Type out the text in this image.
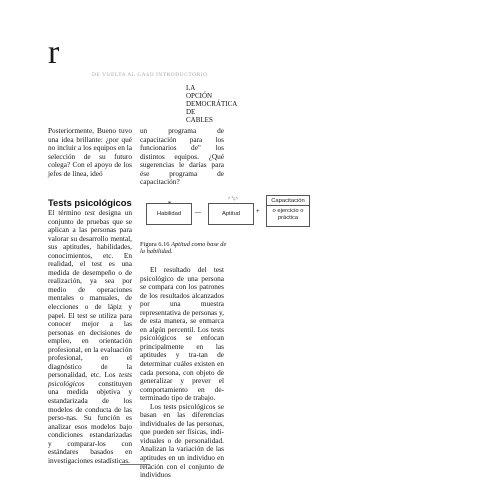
r
DE VUELTA AL CASO INTRODUCTORIO
LA OPCIÓN DEMOCRÁTICA DE CABLES
Posteriormente, Bueno tuvo una idea brillante: ¿por qué no incluir a los equipos en la selección de su futuro colega? Con el apoyo de los jefes de línea, ideó
un programa de capacitación para los funcionarios de" los distintos equipos. ¿Qué sugerencias le darías para ése programa de capacitación?
Tests psicológicos

El término test designa un conjunto de pruebas que se aplican a las personas para valorar su desarrollo mental, sus aptitudes, habilidades, conocimientos, etc. En realidad, el test es una medida de desempeño o de realización, ya sea por medio de operaciones mentales o manuales, de elecciones o de lápiz y papel. El test se utiliza para conocer mejor a las personas en decisiones de empleo, en orientación profesional, en la evaluación profesional, en el diagnóstico de la personalidad, etc. Los tests psicológicos constituyen una medida objetiva y estandarizada de los modelos de conducta de las perso-nas. Su función es analizar esos modelos bajo condiciones estandarizadas y comparar-los con estándares basados en investigaciones estadísticas.

Habilidad —
^ '\;>
Aptitud	+
Capacitación
o ejercicio o práctica
Figura 6.16 Aptitud como base de la habilidad.

El resultado del test psicológico de una persona se compara con los patrones de los resultados alcanzados por una muestra representativa de personas y, de esta manera, se enmarca en algún percentil. Los tests psicológicos se enfocan principalmente en las aptitudes y tra-tan de determinar cuáles existen en cada persona, con objeto de generalizar y prever el comportamiento en de-terminado tipo de trabajo.

Los tests psicológicos se basan en las diferencias individuales de las personas, que pueden ser físicas, indi-viduales o de personalidad. Analizan la variación de las aptitudes en un individuo en relación con el conjunto de individuos
